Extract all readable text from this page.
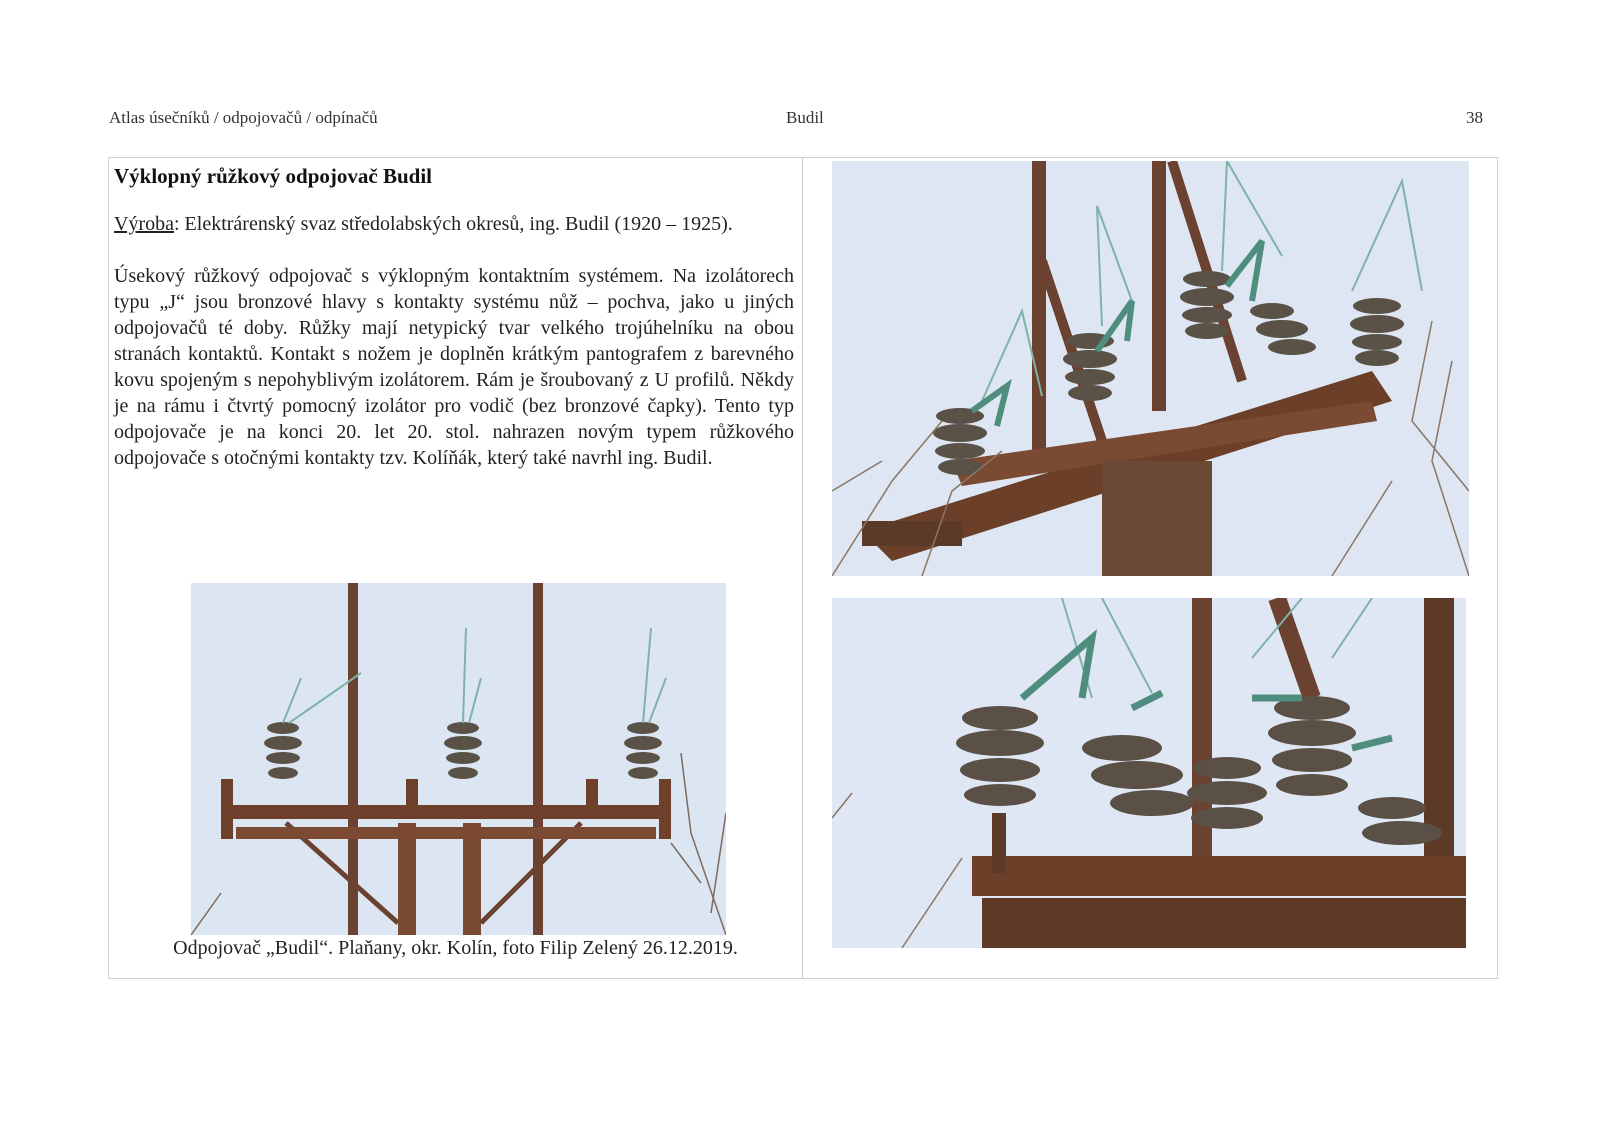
Atlas úsečníků / odpojovačů / odpínačů	Budil	38
Výklopný růžkový odpojovač Budil

Výroba: Elektrárenský svaz středolabských okresů, ing. Budil (1920 – 1925).

Úsekový růžkový odpojovač s výklopným kontaktním systémem. Na izolátorech typu „J“ jsou bronzové hlavy s kontakty systému nůž – pochva, jako u jiných odpojovačů té doby. Růžky mají netypický tvar velkého trojúhelníku na obou stranách kontaktů. Kontakt s nožem je doplněn krátkým pantografem z barevného kovu spojeným s nepohyblivým izolátorem. Rám je šroubovaný z U profilů. Někdy je na rámu i čtvrtý pomocný izolátor pro vodič (bez bronzové čapky). Tento typ odpojovače je na konci 20. let 20. stol. nahrazen novým typem růžkového odpojovače s otočnými kontakty tzv. Kolíňák, který také navrhl ing. Budil.

Odpojovač „Budil“. Plaňany, okr. Kolín, foto Filip Zelený 26.12.2019.
